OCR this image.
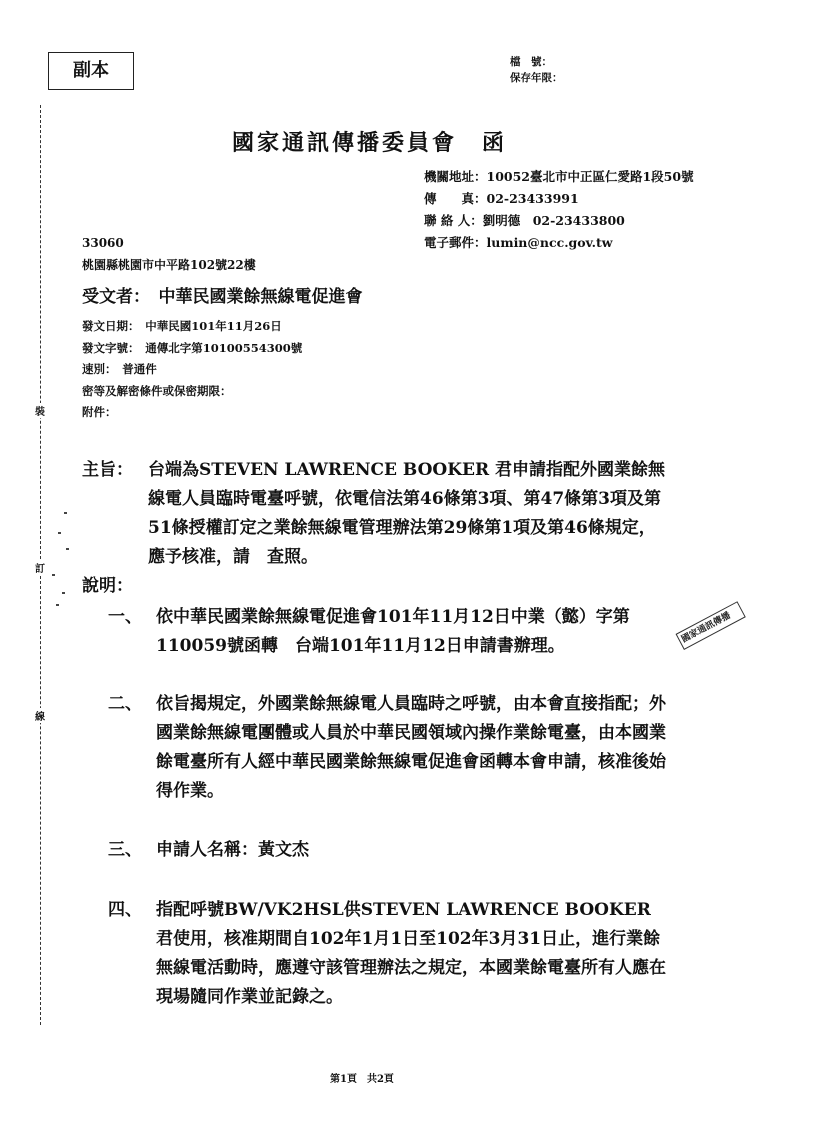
副本	檔　號：
保存年限：
國家通訊傳播委員會　函
機關地址：10052臺北市中正區仁愛路1段50號
傳　　真：02-23433991
聯 絡 人：劉明德　02-23433800
電子郵件：lumin@ncc.gov.tw
33060
桃園縣桃園市中平路102號22樓
受文者：　中華民國業餘無線電促進會
發文日期：　中華民國101年11月26日
發文字號：　通傳北字第10100554300號
速別：　普通件
密等及解密條件或保密期限：
附件：
主旨： 台端為STEVEN LAWRENCE BOOKER 君申請指配外國業餘無線電人員臨時電臺呼號，依電信法第46條第3項、第47條第3項及第51條授權訂定之業餘無線電管理辦法第29條第1項及第46條規定，應予核准，請　查照。
說明：
一、 依中華民國業餘無線電促進會101年11月12日中業（懿）字第110059號函轉　台端101年11月12日申請書辦理。
二、 依旨揭規定，外國業餘無線電人員臨時之呼號，由本會直接指配；外國業餘無線電團體或人員於中華民國領域內操作業餘電臺，由本國業餘電臺所有人經中華民國業餘無線電促進會函轉本會申請，核准後始得作業。
三、 申請人名稱：黃文杰
四、 指配呼號BW/VK2HSL供STEVEN LAWRENCE BOOKER 君使用，核准期間自102年1月1日至102年3月31日止，進行業餘無線電活動時，應遵守該管理辦法之規定，本國業餘電臺所有人應在現場隨同作業並記錄之。
裝
訂
線
國家通訊傳播
第1頁　共2頁
